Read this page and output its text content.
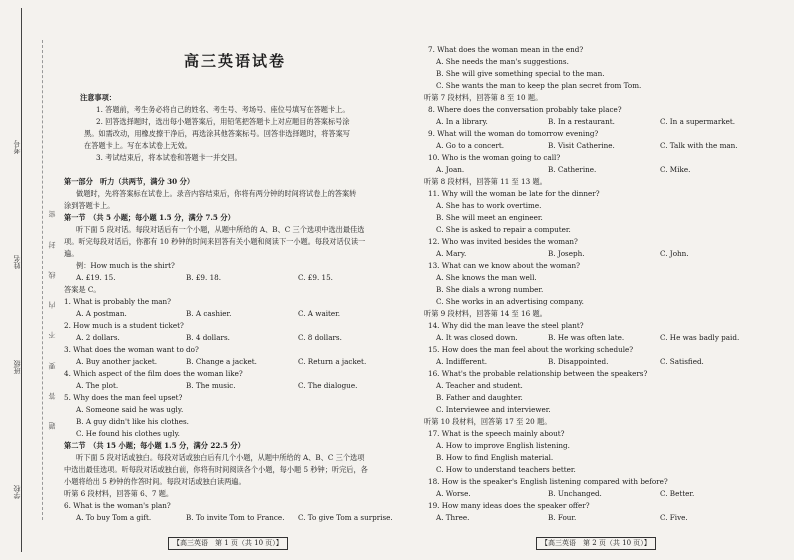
考号
姓名
班级
学校
题 答 要 不 内 线 封 密
高三英语试卷
注意事项：
1. 答题前，考生务必将自己的姓名、考生号、考场号、座位号填写在答题卡上。
2. 回答选择题时，选出每小题答案后，用铅笔把答题卡上对应题目的答案标号涂
黑。如需改动，用橡皮擦干净后，再选涂其他答案标号。回答非选择题时，将答案写
在答题卡上。写在本试卷上无效。
3. 考试结束后，将本试卷和答题卡一并交回。
第一部分　听力（共两节，满分 30 分）
做题时，先将答案标在试卷上。录音内容结束后，你将有两分钟的时间将试卷上的答案转
涂到答题卡上。
第一节　（共 5 小题；每小题 1.5 分，满分 7.5 分）
听下面 5 段对话。每段对话后有一个小题，从题中所给的 A、B、C 三个选项中选出最佳选
项。听完每段对话后，你都有 10 秒钟的时间来回答有关小题和阅读下一小题。每段对话仅读一
遍。
例：How much is the shirt?
A. £19. 15.	B. £9. 18.	C. £9. 15.
答案是 C。
1. What is probably the man?
A. A postman.	B. A cashier.	C. A waiter.
2. How much is a student ticket?
A. 2 dollars.	B. 4 dollars.	C. 8 dollars.
3. What does the woman want to do?
A. Buy another jacket.	B. Change a jacket.	C. Return a jacket.
4. Which aspect of the film does the woman like?
A. The plot.	B. The music.	C. The dialogue.
5. Why does the man feel upset?
A. Someone said he was ugly.
B. A guy didn't like his clothes.
C. He found his clothes ugly.
第二节　（共 15 小题；每小题 1.5 分，满分 22.5 分）
听下面 5 段对话或独白。每段对话或独白后有几个小题，从题中所给的 A、B、C 三个选项
中选出最佳选项。听每段对话或独白前，你将有时间阅读各个小题，每小题 5 秒钟；听完后，各
小题将给出 5 秒钟的作答时间。每段对话或独白读两遍。
听第 6 段材料，回答第 6、7 题。
6. What is the woman's plan?
A. To buy Tom a gift.	B. To invite Tom to France. C. To give Tom a surprise.
【高三英语　第 1 页（共 10 页）】
7. What does the woman mean in the end?
A. She needs the man's suggestions.
B. She will give something special to the man.
C. She wants the man to keep the plan secret from Tom.
听第 7 段材料，回答第 8 至 10 题。
8. Where does the conversation probably take place?
A. In a library.	B. In a restaurant.	C. In a supermarket.
9. What will the woman do tomorrow evening?
A. Go to a concert.	B. Visit Catherine.	C. Talk with the man.
10. Who is the woman going to call?
A. Joan.	B. Catherine.	C. Mike.
听第 8 段材料，回答第 11 至 13 题。
11. Why will the woman be late for the dinner?
A. She has to work overtime.
B. She will meet an engineer.
C. She is asked to repair a computer.
12. Who was invited besides the woman?
A. Mary.	B. Joseph.	C. John.
13. What can we know about the woman?
A. She knows the man well.
B. She dials a wrong number.
C. She works in an advertising company.
听第 9 段材料，回答第 14 至 16 题。
14. Why did the man leave the steel plant?
A. It was closed down.	B. He was often late.	C. He was badly paid.
15. How does the man feel about the working schedule?
A. Indifferent.	B. Disappointed.	C. Satisfied.
16. What's the probable relationship between the speakers?
A. Teacher and student.
B. Father and daughter.
C. Interviewee and interviewer.
听第 10 段材料，回答第 17 至 20 题。
17. What is the speech mainly about?
A. How to improve English listening.
B. How to find English material.
C. How to understand teachers better.
18. How is the speaker's English listening compared with before?
A. Worse.	B. Unchanged.	C. Better.
19. How many ideas does the speaker offer?
A. Three.	B. Four.	C. Five.
【高三英语　第 2 页（共 10 页）】
